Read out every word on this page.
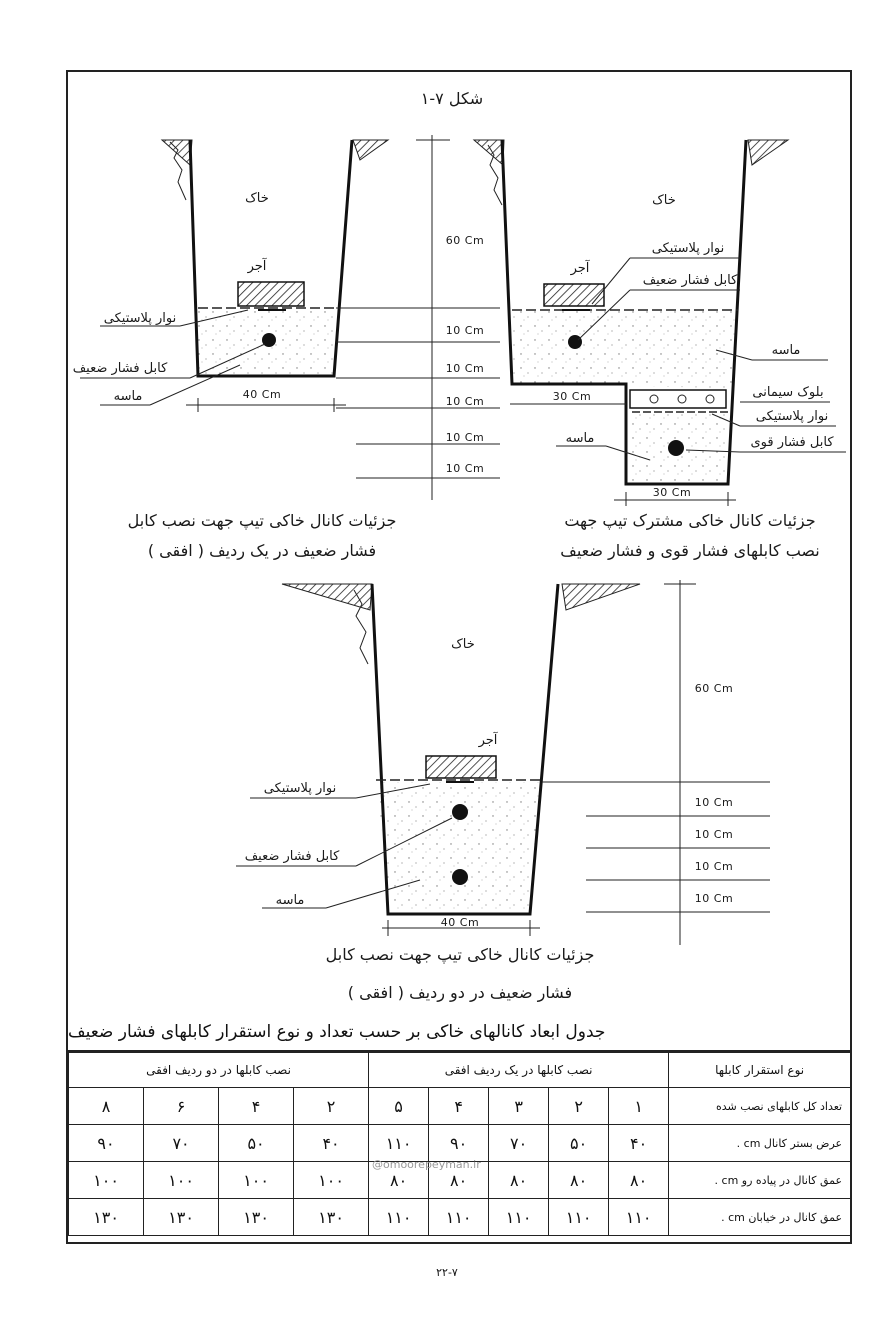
شکل ۷-۱
خاک
آجر
نوار پلاستیکی
کابل فشار ضعیف
ماسه	40 Cm
60 Cm
10 Cm
10 Cm
10 Cm
10 Cm
10 Cm
خاک
آجر
نوار پلاستیکی
کابل فشار ضعیف
ماسه
بلوک سیمانی
نوار پلاستیکی
کابل فشار قوی
ماسه
30 Cm
30 Cm
جزئیات کانال خاکی تیپ جهت نصب کابل
فشار ضعیف در یک ردیف ( افقی )
جزئیات کانال خاکی مشترک تیپ جهت
نصب کابلهای فشار قوی و فشار ضعیف
خاک
آجر
نوار پلاستیکی
کابل فشار ضعیف
ماسه
40 Cm
60 Cm
10 Cm
10 Cm
10 Cm
10 Cm
جزئیات کانال خاکی تیپ جهت نصب کابل
فشار ضعیف در دو ردیف ( افقی )
جدول ابعاد کانالهای خاکی بر حسب تعداد و نوع استقرار کابلهای فشار ضعیف
نوع استقرار کابلها	نصب کابلها در یک ردیف افقی					نصب کابلها در دو ردیف افقی			
تعداد کل کابلهای نصب شده	۱	۲	۳	۴	۵	۲	۴	۶	۸
عرض بستر کانال cm .	۴۰	۵۰	۷۰	۹۰	۱۱۰	۴۰	۵۰	۷۰	۹۰
عمق کانال در پیاده رو cm .	۸۰	۸۰	۸۰	۸۰	۸۰	۱۰۰	۱۰۰	۱۰۰	۱۰۰
عمق کانال در خیابان cm .	۱۱۰	۱۱۰	۱۱۰	۱۱۰	۱۱۰	۱۳۰	۱۳۰	۱۳۰	۱۳۰
@omoorepeyman.ir
۲۲-۷
